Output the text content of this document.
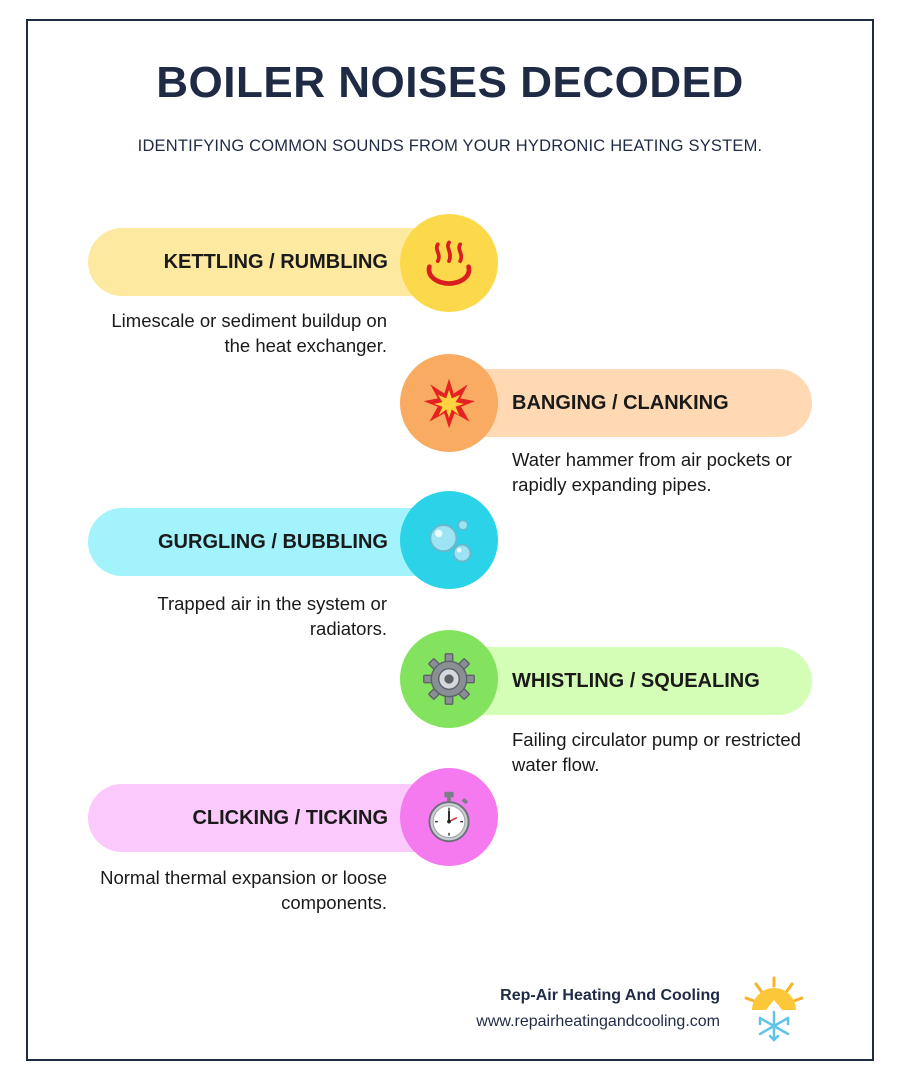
BOILER NOISES DECODED
IDENTIFYING COMMON SOUNDS FROM YOUR HYDRONIC HEATING SYSTEM.
KETTLING / RUMBLING
Limescale or sediment buildup on the heat exchanger.
BANGING / CLANKING
Water hammer from air pockets or rapidly expanding pipes.
GURGLING / BUBBLING
Trapped air in the system or radiators.
WHISTLING / SQUEALING
Failing circulator pump or restricted water flow.
CLICKING / TICKING
Normal thermal expansion or loose components.
Rep-Air Heating And Cooling
www.repairheatingandcooling.com
